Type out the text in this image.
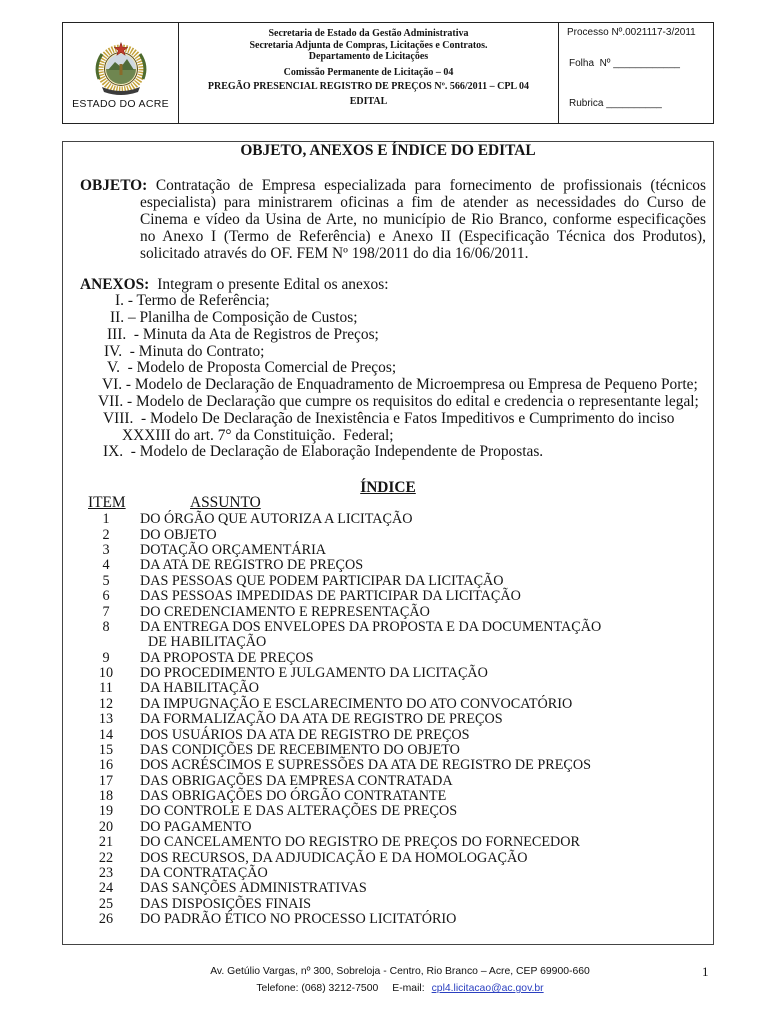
ESTADO DO ACRE
Secretaria de Estado da Gestão Administrativa
Secretaria Adjunta de Compras, Licitações e Contratos.
Departamento de Licitações
Comissão Permanente de Licitação – 04
PREGÃO PRESENCIAL REGISTRO DE PREÇOS Nº. 566/2011 – CPL 04
EDITAL
Processo Nº.0021117-3/2011
Folha  Nº ____________
Rubrica __________
OBJETO, ANEXOS E ÍNDICE DO EDITAL
OBJETO: Contratação de Empresa especializada para fornecimento de profissionais (técnicos
especialista) para ministrarem oficinas a fim de atender as necessidades do Curso de
Cinema e vídeo da Usina de Arte, no município de Rio Branco, conforme especificações
no Anexo I (Termo de Referência) e Anexo II (Especificação Técnica dos Produtos),
solicitado através do OF. FEM Nº 198/2011 do dia 16/06/2011.
ANEXOS: Integram o presente Edital os anexos:
I. - Termo de Referência;
II. – Planilha de Composição de Custos;
III.  - Minuta da Ata de Registros de Preços;
IV.  - Minuta do Contrato;
V.  - Modelo de Proposta Comercial de Preços;
VI. - Modelo de Declaração de Enquadramento de Microempresa ou Empresa de Pequeno Porte;
VII. - Modelo de Declaração que cumpre os requisitos do edital e credencia o representante legal;
VIII.  - Modelo De Declaração de Inexistência e Fatos Impeditivos e Cumprimento do inciso
XXXIII do art. 7° da Constituição.  Federal;
IX.  - Modelo de Declaração de Elaboração Independente de Propostas.
ÍNDICE
ITEM	ASSUNTO
1	DO ÓRGÃO QUE AUTORIZA A LICITAÇÃO
2	DO OBJETO
3	DOTAÇÃO ORÇAMENTÁRIA
4	DA ATA DE REGISTRO DE PREÇOS
5	DAS PESSOAS QUE PODEM PARTICIPAR DA LICITAÇÃO
6	DAS PESSOAS IMPEDIDAS DE PARTICIPAR DA LICITAÇÃO
7	DO CREDENCIAMENTO E REPRESENTAÇÃO
8	DA ENTREGA DOS ENVELOPES DA PROPOSTA E DA DOCUMENTAÇÃO
DE HABILITAÇÃO
9	DA PROPOSTA DE PREÇOS
10	DO PROCEDIMENTO E JULGAMENTO DA LICITAÇÃO
11	DA HABILITAÇÃO
12	DA IMPUGNAÇÃO E ESCLARECIMENTO DO ATO CONVOCATÓRIO
13	DA FORMALIZAÇÃO DA ATA DE REGISTRO DE PREÇOS
14	DOS USUÁRIOS DA ATA DE REGISTRO DE PREÇOS
15	DAS CONDIÇÕES DE RECEBIMENTO DO OBJETO
16	DOS ACRÉSCIMOS E SUPRESSÕES DA ATA DE REGISTRO DE PREÇOS
17	DAS OBRIGAÇÕES DA EMPRESA CONTRATADA
18	DAS OBRIGAÇÕES DO ÓRGÃO CONTRATANTE
19	DO CONTROLE E DAS ALTERAÇÕES DE PREÇOS
20	DO PAGAMENTO
21	DO CANCELAMENTO DO REGISTRO DE PREÇOS DO FORNECEDOR
22	DOS RECURSOS, DA ADJUDICAÇÃO E DA HOMOLOGAÇÃO
23	DA CONTRATAÇÃO
24	DAS SANÇÕES ADMINISTRATIVAS
25	DAS DISPOSIÇÕES FINAIS
26	DO PADRÃO ÉTICO NO PROCESSO LICITATÓRIO
Av. Getúlio Vargas, nº 300, Sobreloja - Centro, Rio Branco – Acre, CEP 69900-660
Telefone: (068) 3212-7500 E-mail: cpl4.licitacao@ac.gov.br
1
